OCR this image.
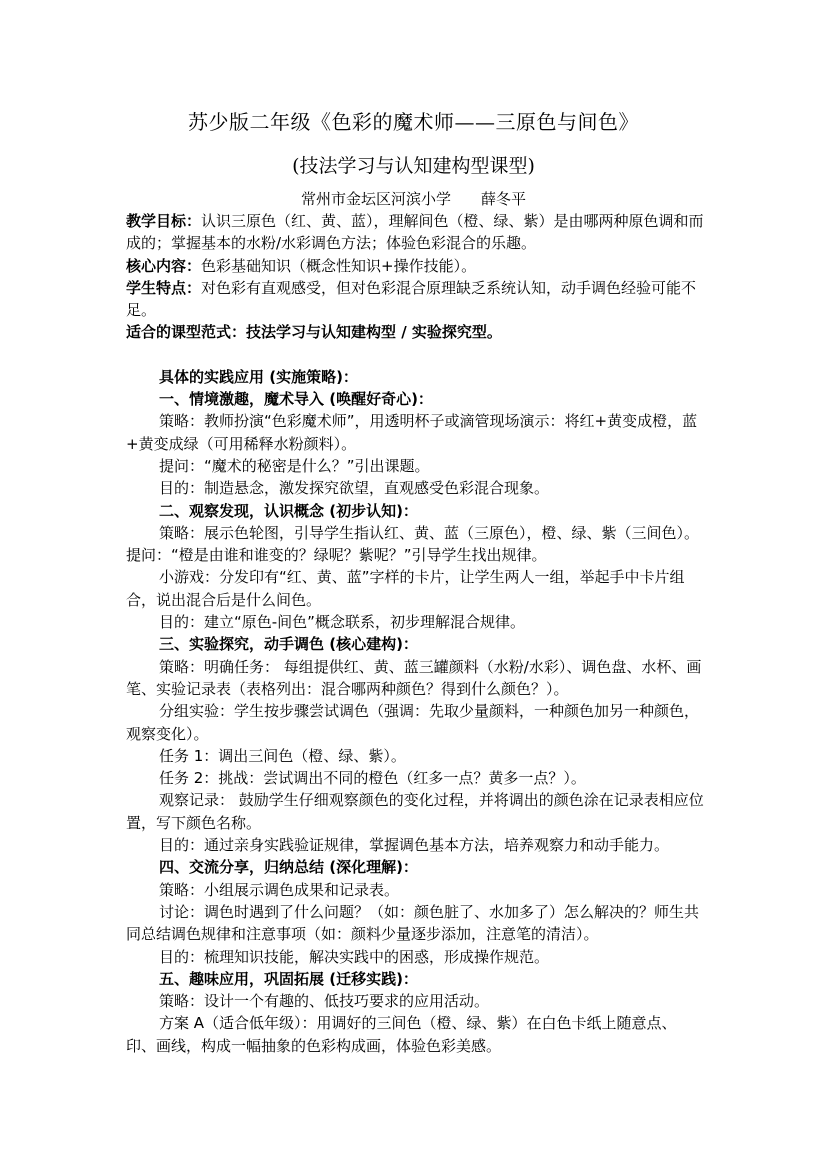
苏少版二年级《色彩的魔术师——三原色与间色》
(技法学习与认知建构型课型)
常州市金坛区河滨小学　　薛冬平

教学目标：认识三原色（红、黄、蓝），理解间色（橙、绿、紫）是由哪两种原色调和而成的；掌握基本的水粉/水彩调色方法；体验色彩混合的乐趣。

核心内容：色彩基础知识（概念性知识+操作技能）。

学生特点：对色彩有直观感受，但对色彩混合原理缺乏系统认知，动手调色经验可能不足。

适合的课型范式：技法学习与认知建构型 / 实验探究型。

具体的实践应用 (实施策略)：

一、情境激趣，魔术导入 (唤醒好奇心)：

策略：教师扮演“色彩魔术师”，用透明杯子或滴管现场演示：将红+黄变成橙，蓝+黄变成绿（可用稀释水粉颜料）。

提问：“魔术的秘密是什么？”引出课题。

目的：制造悬念，激发探究欲望，直观感受色彩混合现象。

二、观察发现，认识概念 (初步认知)：

策略：展示色轮图，引导学生指认红、黄、蓝（三原色），橙、绿、紫（三间色）。

提问：“橙是由谁和谁变的？绿呢？紫呢？”引导学生找出规律。

小游戏：分发印有“红、黄、蓝”字样的卡片，让学生两人一组，举起手中卡片组合，说出混合后是什么间色。

目的：建立“原色-间色”概念联系，初步理解混合规律。

三、实验探究，动手调色 (核心建构)：

策略：明确任务： 每组提供红、黄、蓝三罐颜料（水粉/水彩）、调色盘、水杯、画笔、实验记录表（表格列出：混合哪两种颜色？得到什么颜色？）。

分组实验：学生按步骤尝试调色（强调：先取少量颜料，一种颜色加另一种颜色，观察变化）。

任务 1：调出三间色（橙、绿、紫）。

任务 2：挑战：尝试调出不同的橙色（红多一点？黄多一点？）。

观察记录： 鼓励学生仔细观察颜色的变化过程，并将调出的颜色涂在记录表相应位置，写下颜色名称。

目的：通过亲身实践验证规律，掌握调色基本方法，培养观察力和动手能力。

四、交流分享，归纳总结 (深化理解)：

策略：小组展示调色成果和记录表。

讨论：调色时遇到了什么问题？（如：颜色脏了、水加多了）怎么解决的？师生共同总结调色规律和注意事项（如：颜料少量逐步添加，注意笔的清洁）。

目的：梳理知识技能，解决实践中的困惑，形成操作规范。

五、趣味应用，巩固拓展 (迁移实践)：

策略：设计一个有趣的、低技巧要求的应用活动。

方案 A（适合低年级）：用调好的三间色（橙、绿、紫）在白色卡纸上随意点、印、画线，构成一幅抽象的色彩构成画，体验色彩美感。
